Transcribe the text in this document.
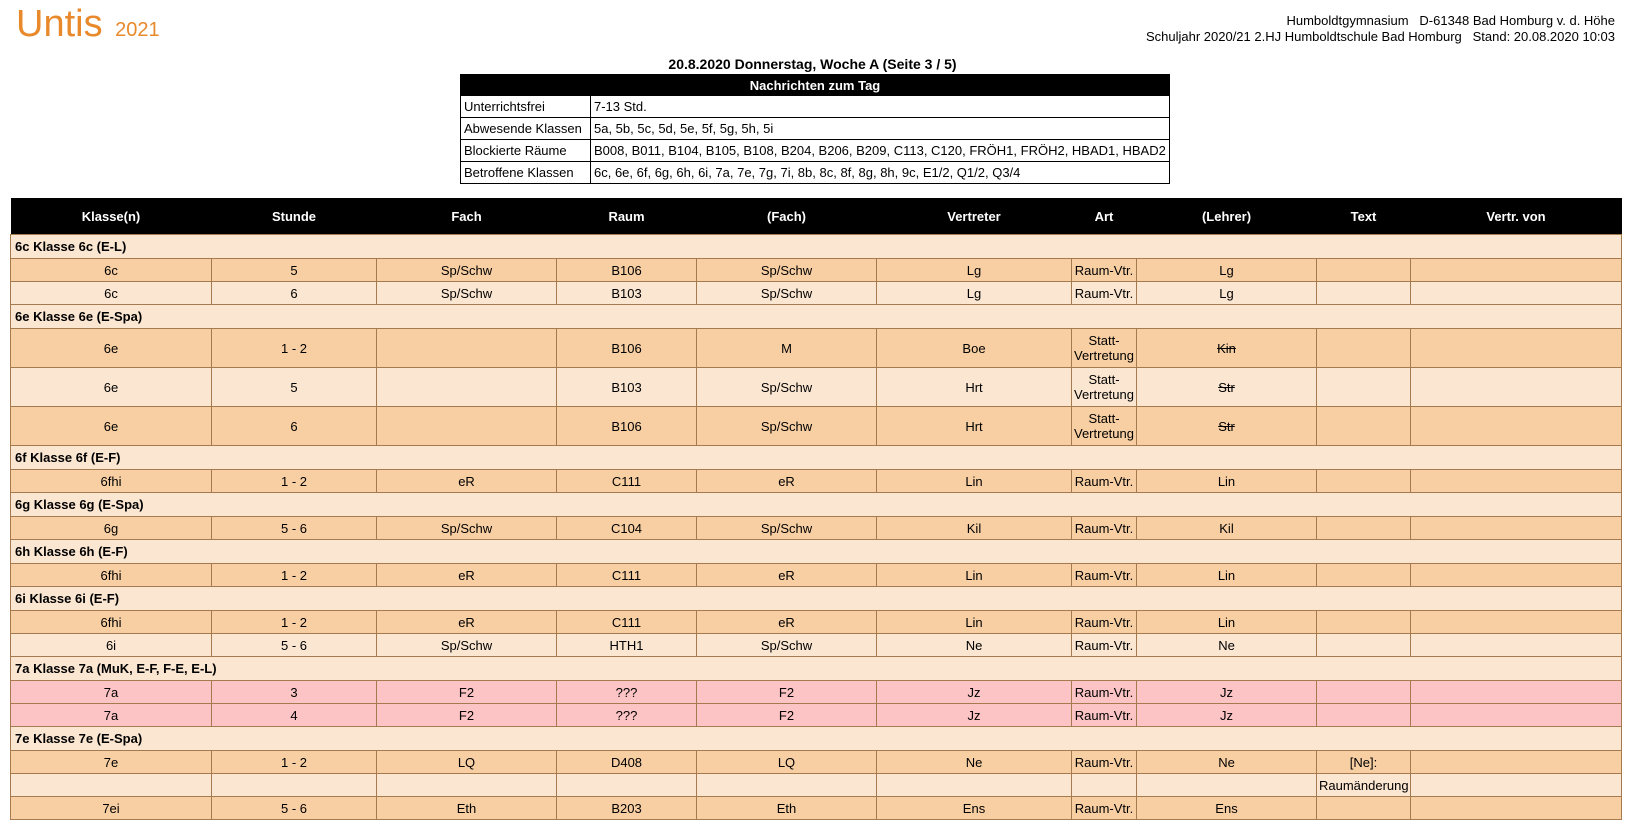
Untis 2021	Humboldtgymnasium   D-61348 Bad Homburg v. d. Höhe
Schuljahr 2020/21 2.HJ Humboldtschule Bad Homburg   Stand: 20.08.2020 10:03
20.8.2020 Donnerstag, Woche A (Seite 3 / 5)
Nachrichten zum Tag	
Unterrichtsfrei	7-13 Std.
Abwesende Klassen	5a, 5b, 5c, 5d, 5e, 5f, 5g, 5h, 5i
Blockierte Räume	B008, B011, B104, B105, B108, B204, B206, B209, C113, C120, FRÖH1, FRÖH2, HBAD1, HBAD2
Betroffene Klassen	6c, 6e, 6f, 6g, 6h, 6i, 7a, 7e, 7g, 7i, 8b, 8c, 8f, 8g, 8h, 9c, E1/2, Q1/2, Q3/4
Klasse(n)	Stunde	Fach	Raum	(Fach)	Vertreter	Art	(Lehrer)	Text	Vertr. von
6c Klasse 6c (E-L)									
6c	5	Sp/Schw	B106	Sp/Schw	Lg	Raum-Vtr.	Lg		
6c	6	Sp/Schw	B103	Sp/Schw	Lg	Raum-Vtr.	Lg		
6e Klasse 6e (E-Spa)									
6e	1 - 2		B106	M	Boe	Statt-Vertretung	Kin		
6e	5		B103	Sp/Schw	Hrt	Statt-Vertretung	Str		
6e	6		B106	Sp/Schw	Hrt	Statt-Vertretung	Str		
6f Klasse 6f (E-F)									
6fhi	1 - 2	eR	C111	eR	Lin	Raum-Vtr.	Lin		
6g Klasse 6g (E-Spa)									
6g	5 - 6	Sp/Schw	C104	Sp/Schw	Kil	Raum-Vtr.	Kil		
6h Klasse 6h (E-F)									
6fhi	1 - 2	eR	C111	eR	Lin	Raum-Vtr.	Lin		
6i Klasse 6i (E-F)									
6fhi	1 - 2	eR	C111	eR	Lin	Raum-Vtr.	Lin		
6i	5 - 6	Sp/Schw	HTH1	Sp/Schw	Ne	Raum-Vtr.	Ne		
7a Klasse 7a (MuK, E-F, F-E, E-L)									
7a	3	F2	???	F2	Jz	Raum-Vtr.	Jz		
7a	4	F2	???	F2	Jz	Raum-Vtr.	Jz		
7e Klasse 7e (E-Spa)									
7e	1 - 2	LQ	D408	LQ	Ne	Raum-Vtr.	Ne	[Ne]:	
								Raumänderung	
7ei	5 - 6	Eth	B203	Eth	Ens	Raum-Vtr.	Ens		
